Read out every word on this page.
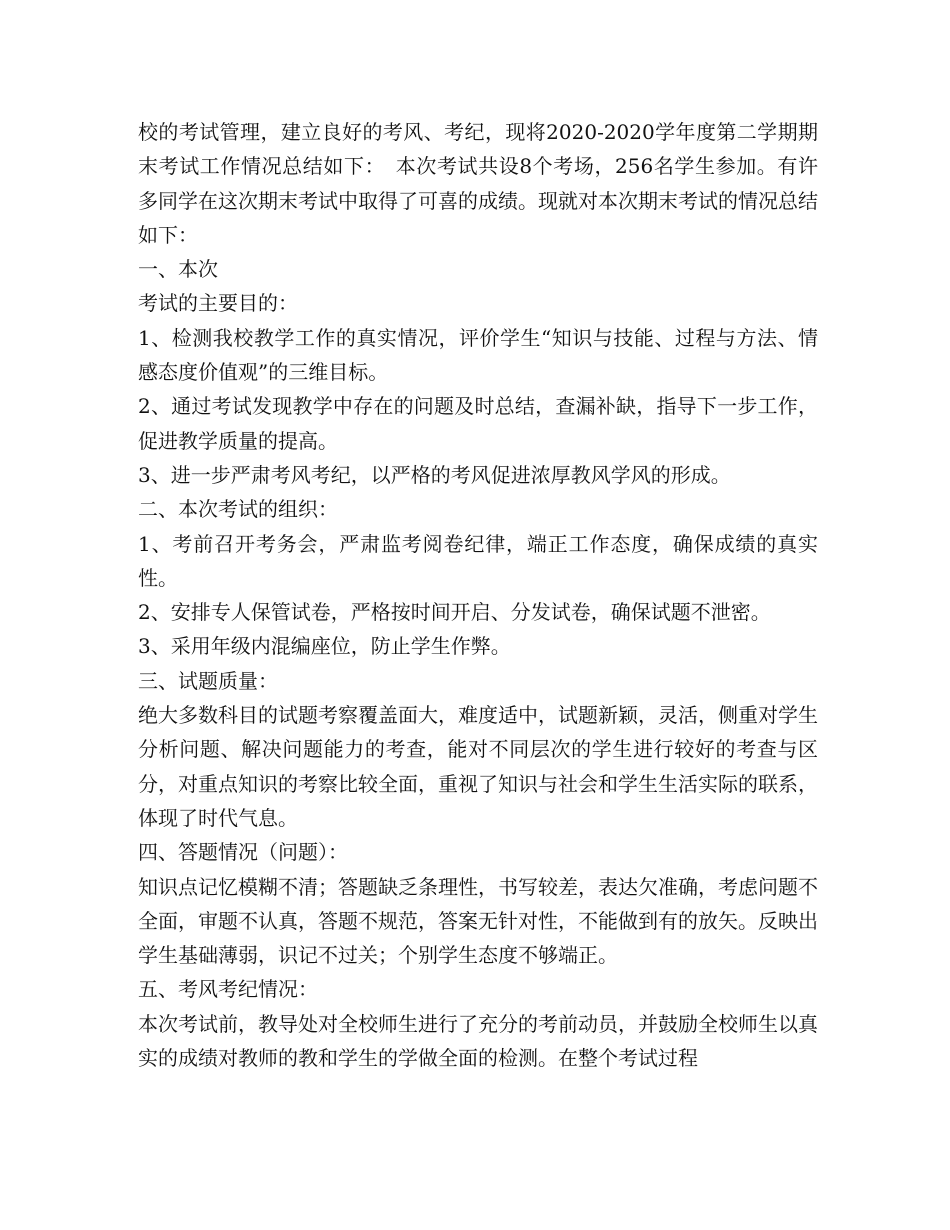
校的考试管理，建立良好的考风、考纪，现将2020-2020学年度第二学期期末考试工作情况总结如下：　本次考试共设8个考场，256名学生参加。有许多同学在这次期末考试中取得了可喜的成绩。现就对本次期末考试的情况总结如下：

一、本次

考试的主要目的：

1、检测我校教学工作的真实情况，评价学生“知识与技能、过程与方法、情感态度价值观”的三维目标。

2、通过考试发现教学中存在的问题及时总结，查漏补缺，指导下一步工作，促进教学质量的提高。

3、进一步严肃考风考纪，以严格的考风促进浓厚教风学风的形成。

二、本次考试的组织：

1、考前召开考务会，严肃监考阅卷纪律，端正工作态度，确保成绩的真实性。

2、安排专人保管试卷，严格按时间开启、分发试卷，确保试题不泄密。

3、采用年级内混编座位，防止学生作弊。

三、试题质量：

绝大多数科目的试题考察覆盖面大，难度适中，试题新颖，灵活，侧重对学生分析问题、解决问题能力的考查，能对不同层次的学生进行较好的考查与区分，对重点知识的考察比较全面，重视了知识与社会和学生生活实际的联系，体现了时代气息。

四、答题情况（问题）：

知识点记忆模糊不清；答题缺乏条理性，书写较差，表达欠准确，考虑问题不全面，审题不认真，答题不规范，答案无针对性，不能做到有的放矢。反映出学生基础薄弱，识记不过关；个别学生态度不够端正。

五、考风考纪情况：

本次考试前，教导处对全校师生进行了充分的考前动员，并鼓励全校师生以真实的成绩对教师的教和学生的学做全面的检测。在整个考试过程
